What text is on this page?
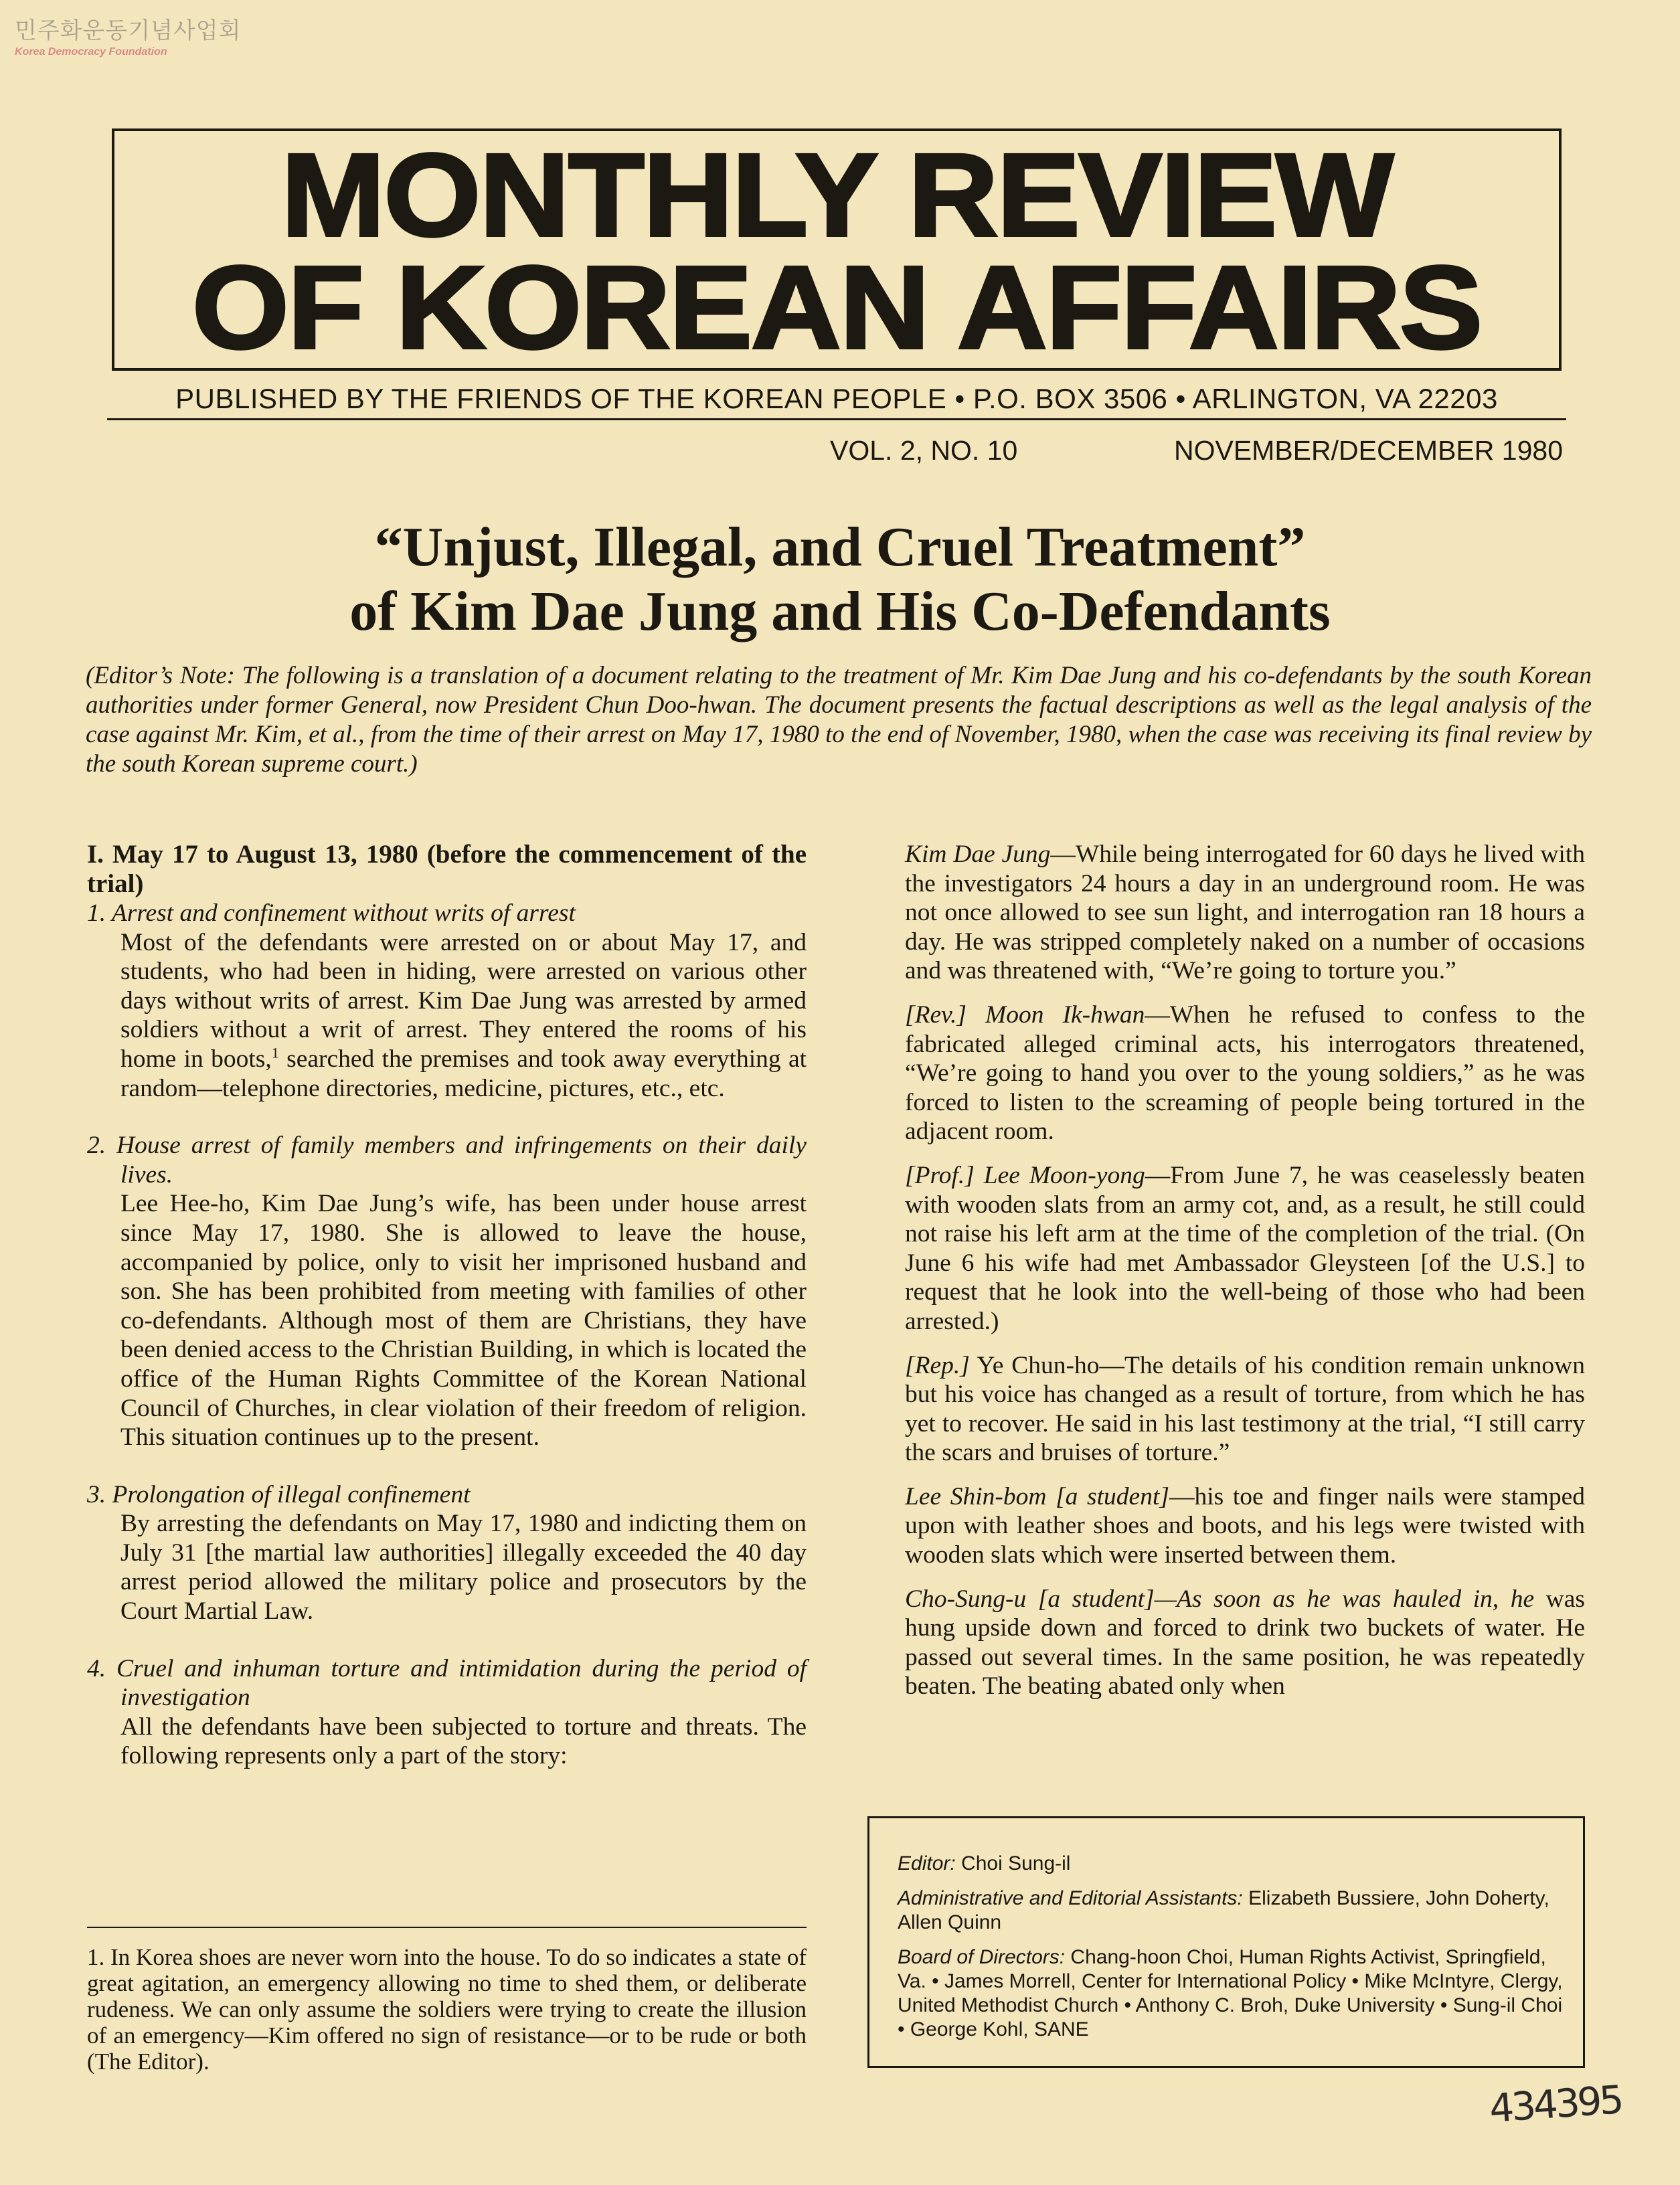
민주화운동기념사업회
Korea Democracy Foundation
MONTHLY REVIEW
OF KOREAN AFFAIRS
PUBLISHED BY THE FRIENDS OF THE KOREAN PEOPLE • P.O. BOX 3506 • ARLINGTON, VA 22203
VOL. 2, NO. 10	NOVEMBER/DECEMBER 1980
“Unjust, Illegal, and Cruel Treatment”
of Kim Dae Jung and His Co-Defendants
(Editor’s Note: The following is a translation of a document relating to the treatment of Mr. Kim Dae Jung and his co-defendants by the south Korean authorities under former General, now President Chun Doo-hwan. The document presents the factual descriptions as well as the legal analysis of the case against Mr. Kim, et al., from the time of their arrest on May 17, 1980 to the end of November, 1980, when the case was receiving its final review by the south Korean supreme court.)
I. May 17 to August 13, 1980 (before the commencement of the trial)
1. Arrest and confinement without writs of arrest
Most of the defendants were arrested on or about May 17, and students, who had been in hiding, were arrested on various other days without writs of arrest. Kim Dae Jung was arrested by armed soldiers without a writ of arrest. They entered the rooms of his home in boots,$^1$ searched the premises and took away everything at random—telephone directories, medicine, pictures, etc., etc.
2. House arrest of family members and infringements on their daily lives.
Lee Hee-ho, Kim Dae Jung’s wife, has been under house arrest since May 17, 1980. She is allowed to leave the house, accompanied by police, only to visit her imprisoned husband and son. She has been prohibited from meeting with families of other co-defendants. Although most of them are Christians, they have been denied access to the Christian Building, in which is located the office of the Human Rights Committee of the Korean National Council of Churches, in clear violation of their freedom of religion. This situation continues up to the present.
3. Prolongation of illegal confinement
By arresting the defendants on May 17, 1980 and indicting them on July 31 [the martial law authorities] illegally exceeded the 40 day arrest period allowed the military police and prosecutors by the Court Martial Law.
4. Cruel and inhuman torture and intimidation during the period of investigation
All the defendants have been subjected to torture and threats. The following represents only a part of the story:

Kim Dae Jung—While being interrogated for 60 days he lived with the investigators 24 hours a day in an underground room. He was not once allowed to see sun light, and interrogation ran 18 hours a day. He was stripped completely naked on a number of occasions and was threatened with, “We’re going to torture you.”

[Rev.] Moon Ik-hwan—When he refused to confess to the fabricated alleged criminal acts, his interrogators threatened, “We’re going to hand you over to the young soldiers,” as he was forced to listen to the screaming of people being tortured in the adjacent room.

[Prof.] Lee Moon-yong—From June 7, he was ceaselessly beaten with wooden slats from an army cot, and, as a result, he still could not raise his left arm at the time of the completion of the trial. (On June 6 his wife had met Ambassador Gleysteen [of the U.S.] to request that he look into the well-being of those who had been arrested.)

[Rep.] Ye Chun-ho—The details of his condition remain unknown but his voice has changed as a result of torture, from which he has yet to recover. He said in his last testimony at the trial, “I still carry the scars and bruises of torture.”

Lee Shin-bom [a student]—his toe and finger nails were stamped upon with leather shoes and boots, and his legs were twisted with wooden slats which were inserted between them.

Cho-Sung-u [a student]—As soon as he was hauled in, he was hung upside down and forced to drink two buckets of water. He passed out several times. In the same position, he was repeatedly beaten. The beating abated only when

1. In Korea shoes are never worn into the house. To do so indicates a state of great agitation, an emergency allowing no time to shed them, or deliberate rudeness. We can only assume the soldiers were trying to create the illusion of an emergency—Kim offered no sign of resistance—or to be rude or both (The Editor).

Editor: Choi Sung-il

Administrative and Editorial Assistants: Elizabeth Bussiere, John Doherty, Allen Quinn

Board of Directors: Chang-hoon Choi, Human Rights Activist, Springfield, Va. • James Morrell, Center for International Policy • Mike McIntyre, Clergy, United Methodist Church • Anthony C. Broh, Duke University • Sung-il Choi • George Kohl, SANE

434395
